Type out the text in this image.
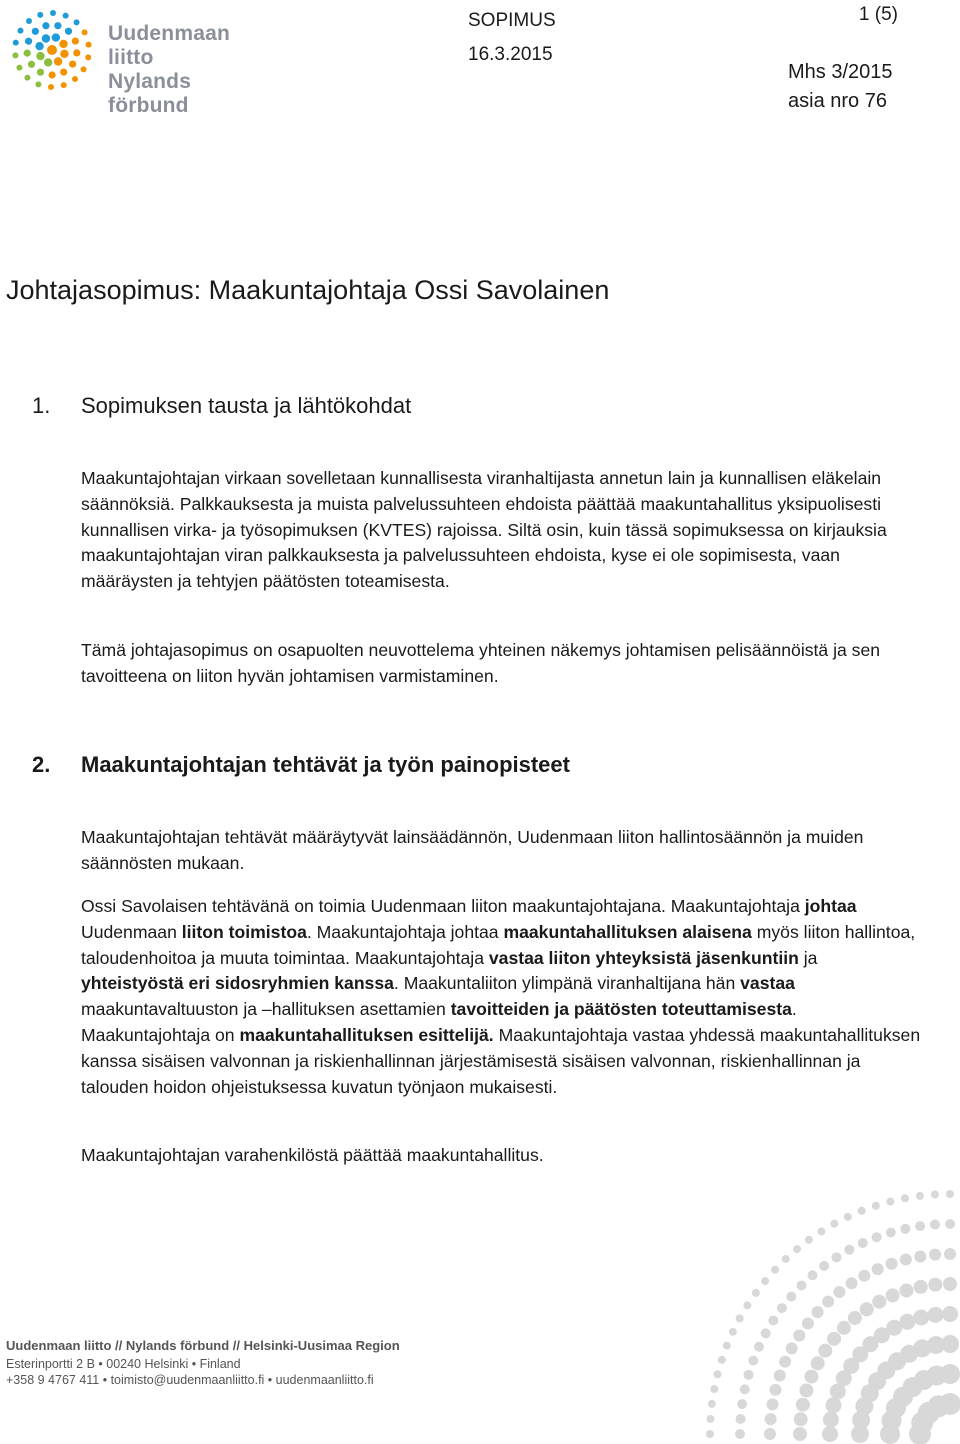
Uudenmaan liitto
Nylands förbund
SOPIMUS
16.3.2015
1 (5)
Mhs 3/2015
asia nro 76
Johtajasopimus: Maakuntajohtaja Ossi Savolainen
1. Sopimuksen tausta ja lähtökohdat

Maakuntajohtajan virkaan sovelletaan kunnallisesta viranhaltijasta annetun lain ja kunnallisen eläkelain säännöksiä. Palkkauksesta ja muista palvelussuhteen ehdoista päättää maakuntahallitus yksipuolisesti kunnallisen virka- ja työsopimuksen (KVTES) rajoissa. Siltä osin, kuin tässä sopimuksessa on kirjauksia maakuntajohtajan viran palkkauksesta ja palvelussuhteen ehdoista, kyse ei ole sopimisesta, vaan määräysten ja tehtyjen päätösten toteamisesta.

Tämä johtajasopimus on osapuolten neuvottelema yhteinen näkemys johtamisen pelisäännöistä ja sen tavoitteena on liiton hyvän johtamisen varmistaminen.

2. Maakuntajohtajan tehtävät ja työn painopisteet

Maakuntajohtajan tehtävät määräytyvät lainsäädännön, Uudenmaan liiton hallintosäännön ja muiden säännösten mukaan.

Ossi Savolaisen tehtävänä on toimia Uudenmaan liiton maakuntajohtajana. Maakuntajohtaja johtaa Uudenmaan liiton toimistoa. Maakuntajohtaja johtaa maakuntahallituksen alaisena myös liiton hallintoa, taloudenhoitoa ja muuta toimintaa. Maakuntajohtaja vastaa liiton yhteyksistä jäsenkuntiin ja yhteistyöstä eri sidosryhmien kanssa. Maakuntaliiton ylimpänä viranhaltijana hän vastaa maakuntavaltuuston ja –hallituksen asettamien tavoitteiden ja päätösten toteuttamisesta. Maakuntajohtaja on maakuntahallituksen esittelijä. Maakuntajohtaja vastaa yhdessä maakuntahallituksen kanssa sisäisen valvonnan ja riskienhallinnan järjestämisestä sisäisen valvonnan, riskienhallinnan ja talouden hoidon ohjeistuksessa kuvatun työnjaon mukaisesti.

Maakuntajohtajan varahenkilöstä päättää maakuntahallitus.

Uudenmaan liitto // Nylands förbund // Helsinki-Uusimaa Region
Esterinportti 2 B • 00240 Helsinki • Finland
+358 9 4767 411 • toimisto@uudenmaanliitto.fi • uudenmaanliitto.fi
